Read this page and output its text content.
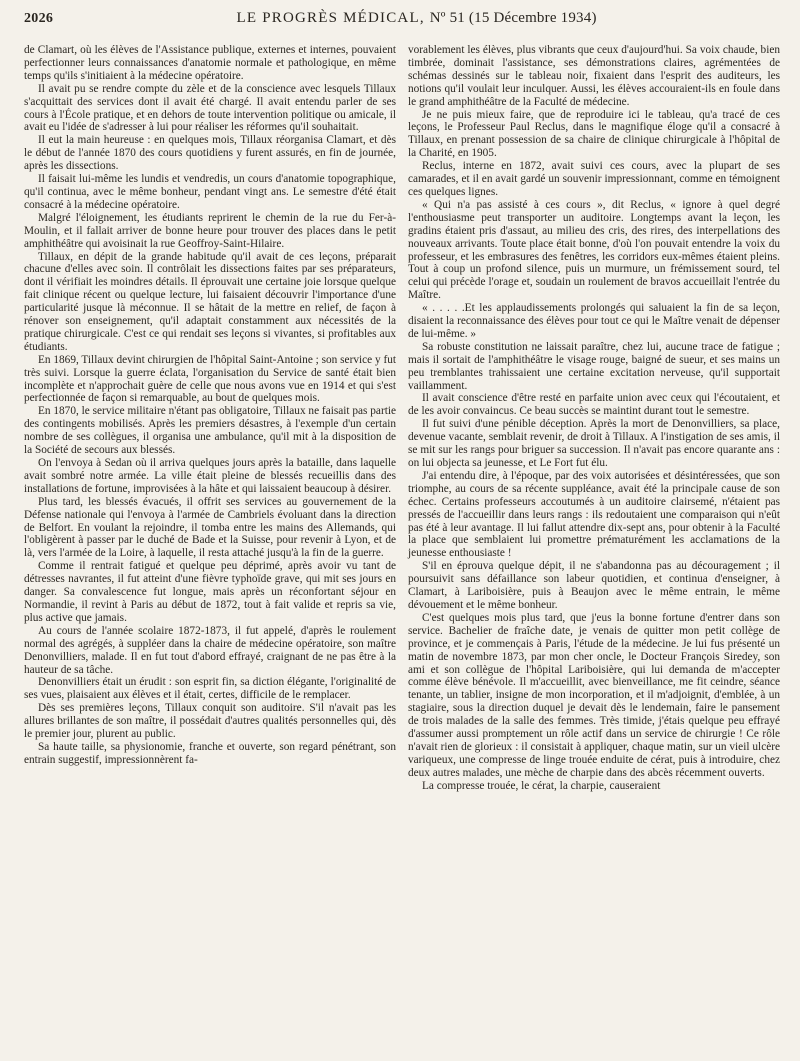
2026	LE PROGRÈS MÉDICAL, Nº 51 (15 Décembre 1934)

de Clamart, où les élèves de l'Assistance publique, externes et internes, pouvaient perfectionner leurs connaissances d'anatomie normale et pathologique, en même temps qu'ils s'initiaient à la médecine opératoire.

Il avait pu se rendre compte du zèle et de la conscience avec lesquels Tillaux s'acquittait des services dont il avait été chargé. Il avait entendu parler de ses cours à l'École pratique, et en dehors de toute intervention politique ou amicale, il avait eu l'idée de s'adresser à lui pour réaliser les réformes qu'il souhaitait.

Il eut la main heureuse : en quelques mois, Tillaux réorganisa Clamart, et dès le début de l'année 1870 des cours quotidiens y furent assurés, en fin de journée, après les dissections.

Il faisait lui-même les lundis et vendredis, un cours d'anatomie topographique, qu'il continua, avec le même bonheur, pendant vingt ans. Le semestre d'été était consacré à la médecine opératoire.

Malgré l'éloignement, les étudiants reprirent le chemin de la rue du Fer-à-Moulin, et il fallait arriver de bonne heure pour trouver des places dans le petit amphithéâtre qui avoisinait la rue Geoffroy-Saint-Hilaire.

Tillaux, en dépit de la grande habitude qu'il avait de ces leçons, préparait chacune d'elles avec soin. Il contrôlait les dissections faites par ses préparateurs, dont il vérifiait les moindres détails. Il éprouvait une certaine joie lorsque quelque fait clinique récent ou quelque lecture, lui faisaient découvrir l'importance d'une particularité jusque là méconnue. Il se hâtait de la mettre en relief, de façon à rénover son enseignement, qu'il adaptait constamment aux nécessités de la pratique chirurgicale. C'est ce qui rendait ses leçons si vivantes, si profitables aux étudiants.

En 1869, Tillaux devint chirurgien de l'hôpital Saint-Antoine ; son service y fut très suivi. Lorsque la guerre éclata, l'organisation du Service de santé était bien incomplète et n'approchait guère de celle que nous avons vue en 1914 et qui s'est perfectionnée de façon si remarquable, au bout de quelques mois.

En 1870, le service militaire n'étant pas obligatoire, Tillaux ne faisait pas partie des contingents mobilisés. Après les premiers désastres, à l'exemple d'un certain nombre de ses collègues, il organisa une ambulance, qu'il mit à la disposition de la Société de secours aux blessés.

On l'envoya à Sedan où il arriva quelques jours après la bataille, dans laquelle avait sombré notre armée. La ville était pleine de blessés recueillis dans des installations de fortune, improvisées à la hâte et qui laissaient beaucoup à désirer.

Plus tard, les blessés évacués, il offrit ses services au gouvernement de la Défense nationale qui l'envoya à l'armée de Cambriels évoluant dans la direction de Belfort. En voulant la rejoindre, il tomba entre les mains des Allemands, qui l'obligèrent à passer par le duché de Bade et la Suisse, pour revenir à Lyon, et de là, vers l'armée de la Loire, à laquelle, il resta attaché jusqu'à la fin de la guerre.

Comme il rentrait fatigué et quelque peu déprimé, après avoir vu tant de détresses navrantes, il fut atteint d'une fièvre typhoïde grave, qui mit ses jours en danger. Sa convalescence fut longue, mais après un réconfortant séjour en Normandie, il revint à Paris au début de 1872, tout à fait valide et repris sa vie, plus active que jamais.

Au cours de l'année scolaire 1872-1873, il fut appelé, d'après le roulement normal des agrégés, à suppléer dans la chaire de médecine opératoire, son maître Denonvilliers, malade. Il en fut tout d'abord effrayé, craignant de ne pas être à la hauteur de sa tâche.

Denonvilliers était un érudit : son esprit fin, sa diction élégante, l'originalité de ses vues, plaisaient aux élèves et il était, certes, difficile de le remplacer.

Dès ses premières leçons, Tillaux conquit son auditoire. S'il n'avait pas les allures brillantes de son maître, il possédait d'autres qualités personnelles qui, dès le premier jour, plurent au public.

Sa haute taille, sa physionomie, franche et ouverte, son regard pénétrant, son entrain suggestif, impressionnèrent fa-

vorablement les élèves, plus vibrants que ceux d'aujourd'hui. Sa voix chaude, bien timbrée, dominait l'assistance, ses démonstrations claires, agrémentées de schémas dessinés sur le tableau noir, fixaient dans l'esprit des auditeurs, les notions qu'il voulait leur inculquer. Aussi, les élèves accouraient-ils en foule dans le grand amphithéâtre de la Faculté de médecine.

Je ne puis mieux faire, que de reproduire ici le tableau, qu'a tracé de ces leçons, le Professeur Paul Reclus, dans le magnifique éloge qu'il a consacré à Tillaux, en prenant possession de sa chaire de clinique chirurgicale à l'hôpital de la Charité, en 1905.

Reclus, interne en 1872, avait suivi ces cours, avec la plupart de ses camarades, et il en avait gardé un souvenir impressionnant, comme en témoignent ces quelques lignes.

« Qui n'a pas assisté à ces cours », dit Reclus, « ignore à quel degré l'enthousiasme peut transporter un auditoire. Longtemps avant la leçon, les gradins étaient pris d'assaut, au milieu des cris, des rires, des interpellations des nouveaux arrivants. Toute place était bonne, d'où l'on pouvait entendre la voix du professeur, et les embrasures des fenêtres, les corridors eux-mêmes étaient pleins. Tout à coup un profond silence, puis un murmure, un frémissement sourd, tel celui qui précède l'orage et, soudain un roulement de bravos accueillait l'entrée du Maître.

« . . . . .Et les applaudissements prolongés qui saluaient la fin de sa leçon, disaient la reconnaissance des élèves pour tout ce qui le Maître venait de dépenser de lui-même. »

Sa robuste constitution ne laissait paraître, chez lui, aucune trace de fatigue ; mais il sortait de l'amphithéâtre le visage rouge, baigné de sueur, et ses mains un peu tremblantes trahissaient une certaine excitation nerveuse, qu'il supportait vaillamment.

Il avait conscience d'être resté en parfaite union avec ceux qui l'écoutaient, et de les avoir convaincus. Ce beau succès se maintint durant tout le semestre.

Il fut suivi d'une pénible déception. Après la mort de Denonvilliers, sa place, devenue vacante, semblait revenir, de droit à Tillaux. A l'instigation de ses amis, il se mit sur les rangs pour briguer sa succession. Il n'avait pas encore quarante ans : on lui objecta sa jeunesse, et Le Fort fut élu.

J'ai entendu dire, à l'époque, par des voix autorisées et désintéressées, que son triomphe, au cours de sa récente suppléance, avait été la principale cause de son échec. Certains professeurs accoutumés à un auditoire clairsemé, n'étaient pas pressés de l'accueillir dans leurs rangs : ils redoutaient une comparaison qui n'eût pas été à leur avantage. Il lui fallut attendre dix-sept ans, pour obtenir à la Faculté la place que semblaient lui promettre prématurément les acclamations de la jeunesse enthousiaste !

S'il en éprouva quelque dépit, il ne s'abandonna pas au découragement ; il poursuivit sans défaillance son labeur quotidien, et continua d'enseigner, à Clamart, à Lariboisière, puis à Beaujon avec le même entrain, le même dévouement et le même bonheur.

C'est quelques mois plus tard, que j'eus la bonne fortune d'entrer dans son service. Bachelier de fraîche date, je venais de quitter mon petit collège de province, et je commençais à Paris, l'étude de la médecine. Je lui fus présenté un matin de novembre 1873, par mon cher oncle, le Docteur François Siredey, son ami et son collègue de l'hôpital Lariboisière, qui lui demanda de m'accepter comme élève bénévole. Il m'accueillit, avec bienveillance, me fit ceindre, séance tenante, un tablier, insigne de mon incorporation, et il m'adjoignit, d'emblée, à un stagiaire, sous la direction duquel je devait dès le lendemain, faire le pansement de trois malades de la salle des femmes. Très timide, j'étais quelque peu effrayé d'assumer aussi promptement un rôle actif dans un service de chirurgie ! Ce rôle n'avait rien de glorieux : il consistait à appliquer, chaque matin, sur un vieil ulcère variqueux, une compresse de linge trouée enduite de cérat, puis à introduire, chez deux autres malades, une mèche de charpie dans des abcès récemment ouverts.

La compresse trouée, le cérat, la charpie, causeraient
